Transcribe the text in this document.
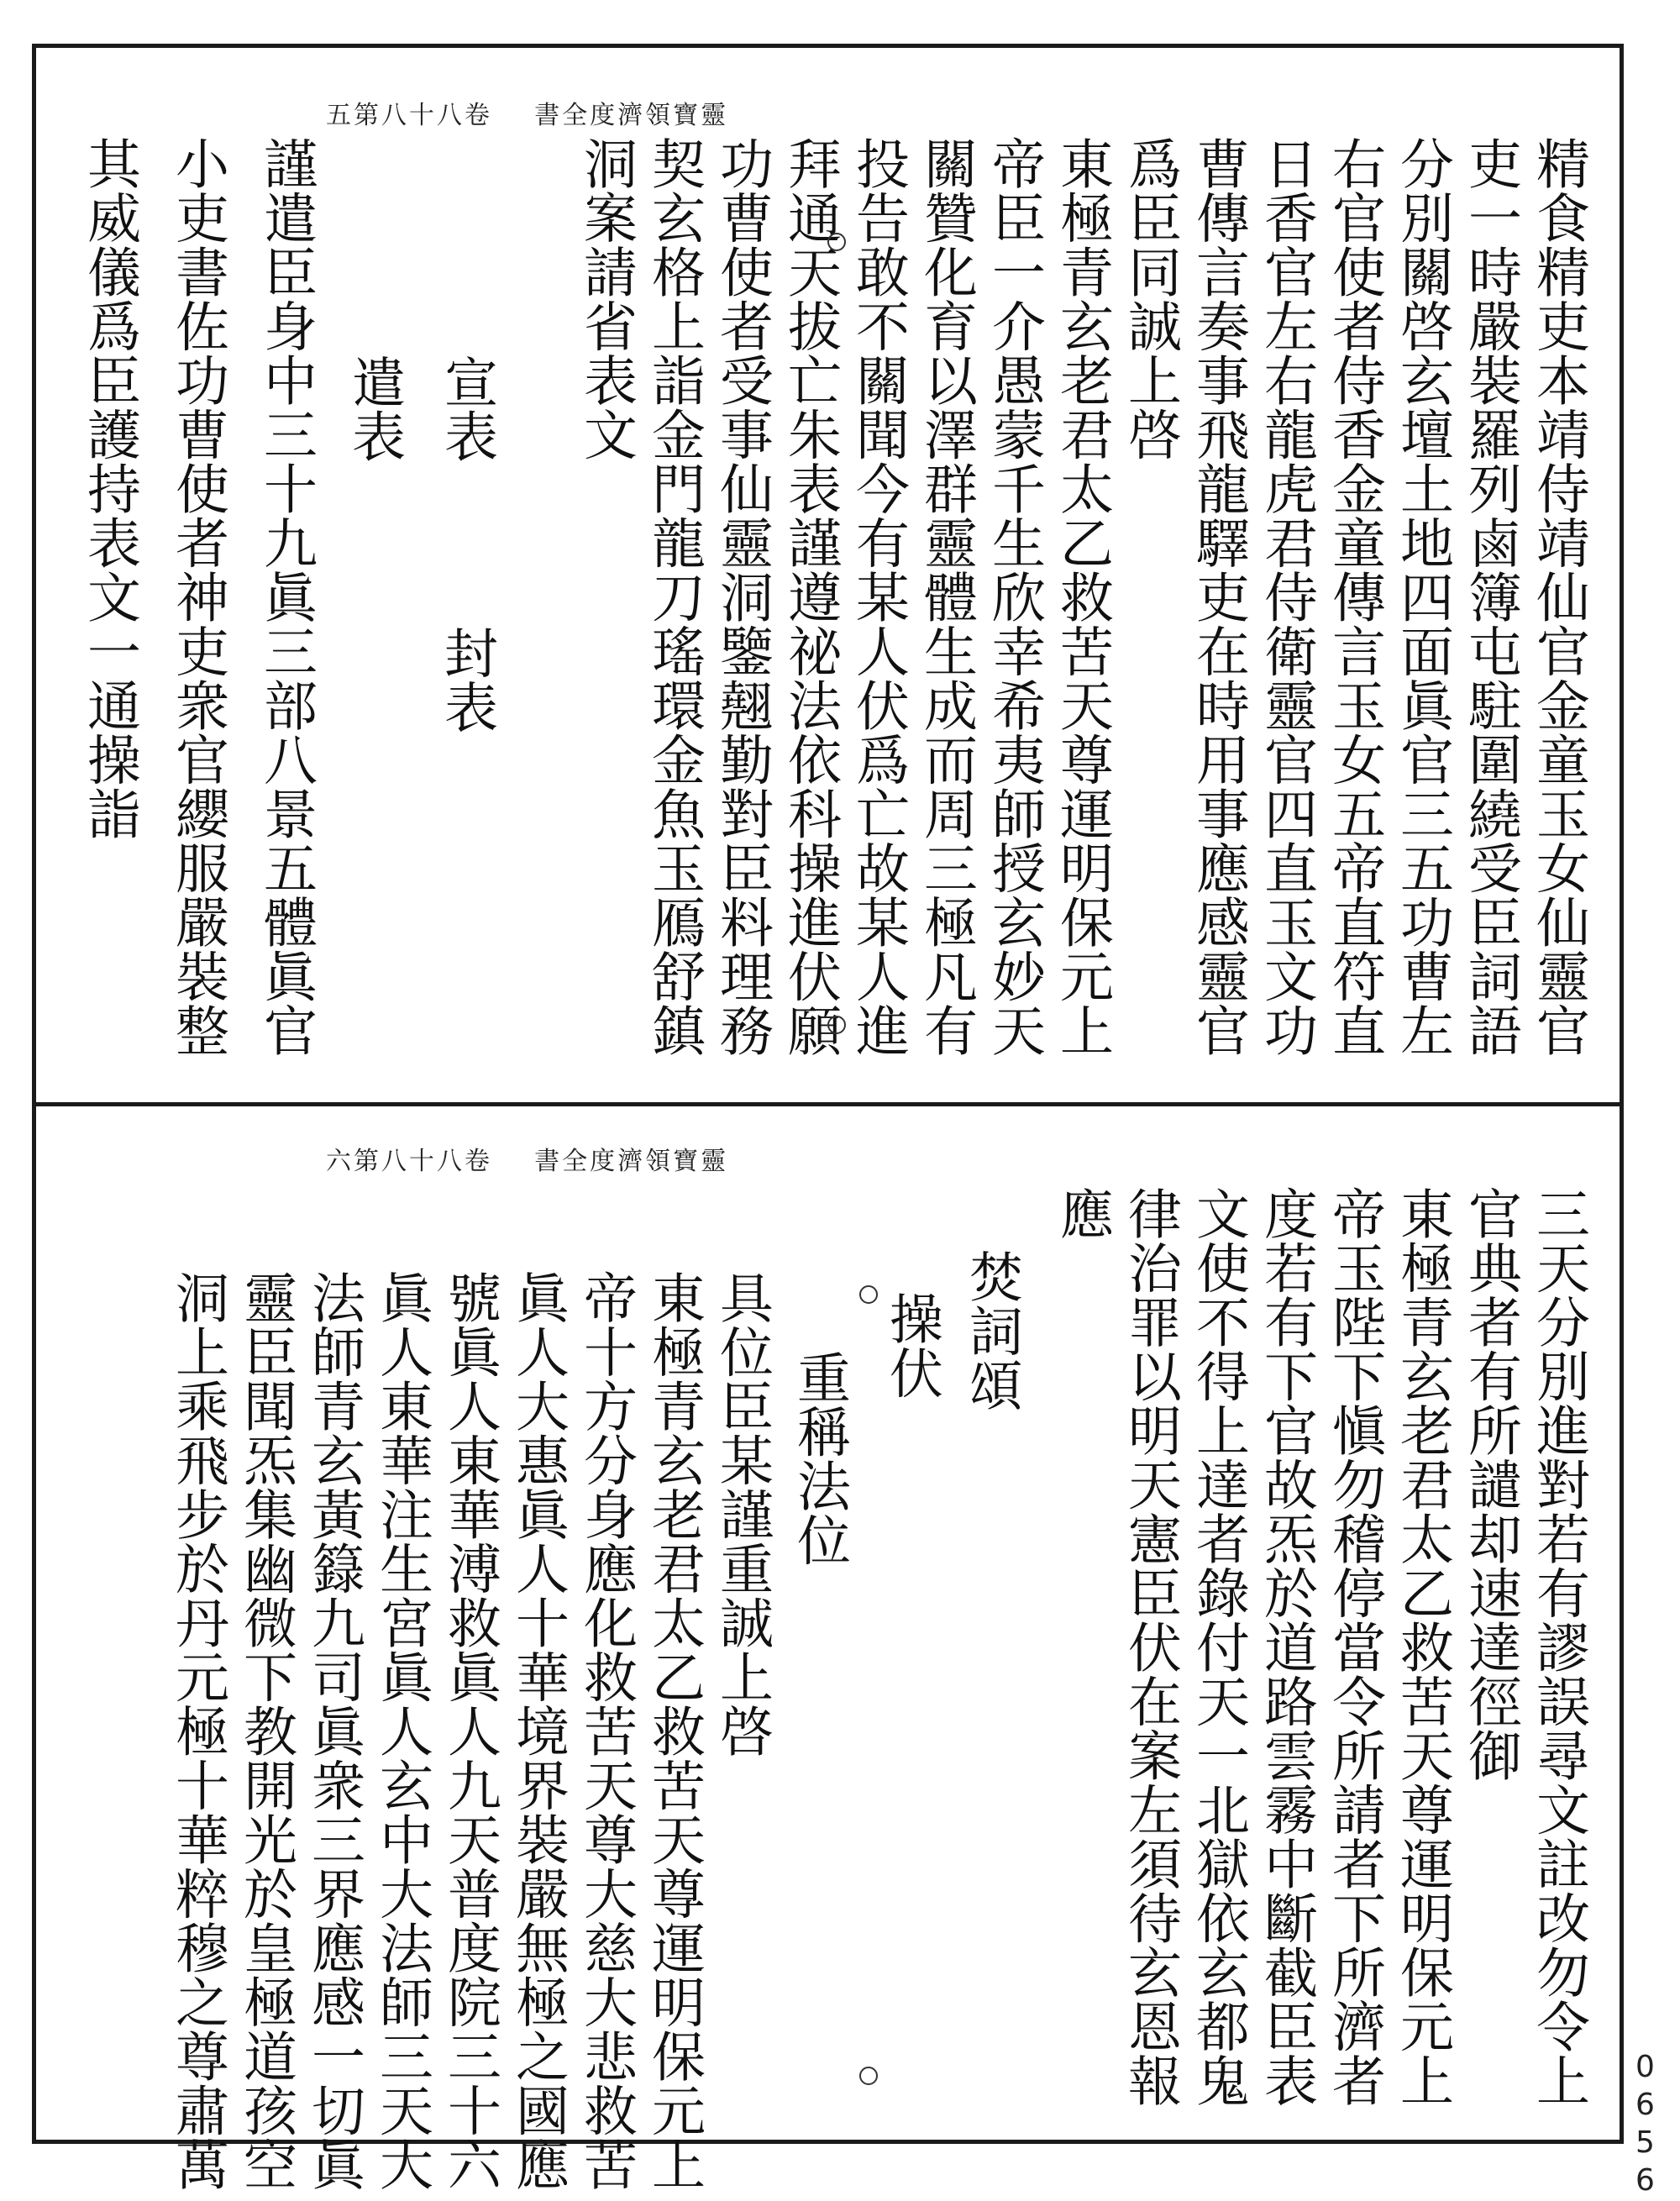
五第八十八卷    書全度濟領寶靈
精食精吏本靖侍靖仙官金童玉女仙靈官
吏一時嚴裝羅列鹵簿屯駐圍繞受臣詞語
分別關啓玄壇土地四面眞官三五功曹左
右官使者侍香金童傳言玉女五帝直符直
日香官左右龍虎君侍衛靈官四直玉文功
曹傳言奏事飛龍驛吏在時用事應感靈官
爲臣同誠上啓
東極青玄老君太乙救苦天尊運明保元上
帝臣一介愚蒙千生欣幸希夷師授玄妙天
關贊化育以澤群靈體生成而周三極凡有
投告敢不關聞今有某人伏爲亡故某人進
拜通天拔亡朱表謹遵祕法依科操進伏願
功曹使者受事仙靈洞鑒翹勤對臣料理務
契玄格上詣金門龍刀瑤環金魚玉鴈舒鎮
洞案請省表文
宣表　　　封表
遣表
謹遣臣身中三十九眞三部八景五體眞官
小吏書佐功曹使者神吏衆官纓服嚴裝整
其威儀爲臣護持表文一通操詣
六第八十八卷    書全度濟領寶靈
三天分別進對若有謬誤尋文註改勿令上
官典者有所譴却速達徑御
東極青玄老君太乙救苦天尊運明保元上
帝玉陛下愼勿稽停當令所請者下所濟者
度若有下官故炁於道路雲霧中斷截臣表
文使不得上達者錄付天一北獄依玄都鬼
律治罪以明天憲臣伏在案左須待玄恩報
應
焚詞頌
操伏
重稱法位
具位臣某謹重誠上啓
東極青玄老君太乙救苦天尊運明保元上
帝十方分身應化救苦天尊大慈大悲救苦
眞人大惠眞人十華境界裝嚴無極之國應
號眞人東華溥救眞人九天普度院三十六
眞人東華注生宮眞人玄中大法師三天大
法師青玄黃籙九司眞衆三界應感一切眞
靈臣聞炁集幽微下教開光於皇極道孩空
洞上乘飛步於丹元極十華粹穆之尊肅萬	0656
